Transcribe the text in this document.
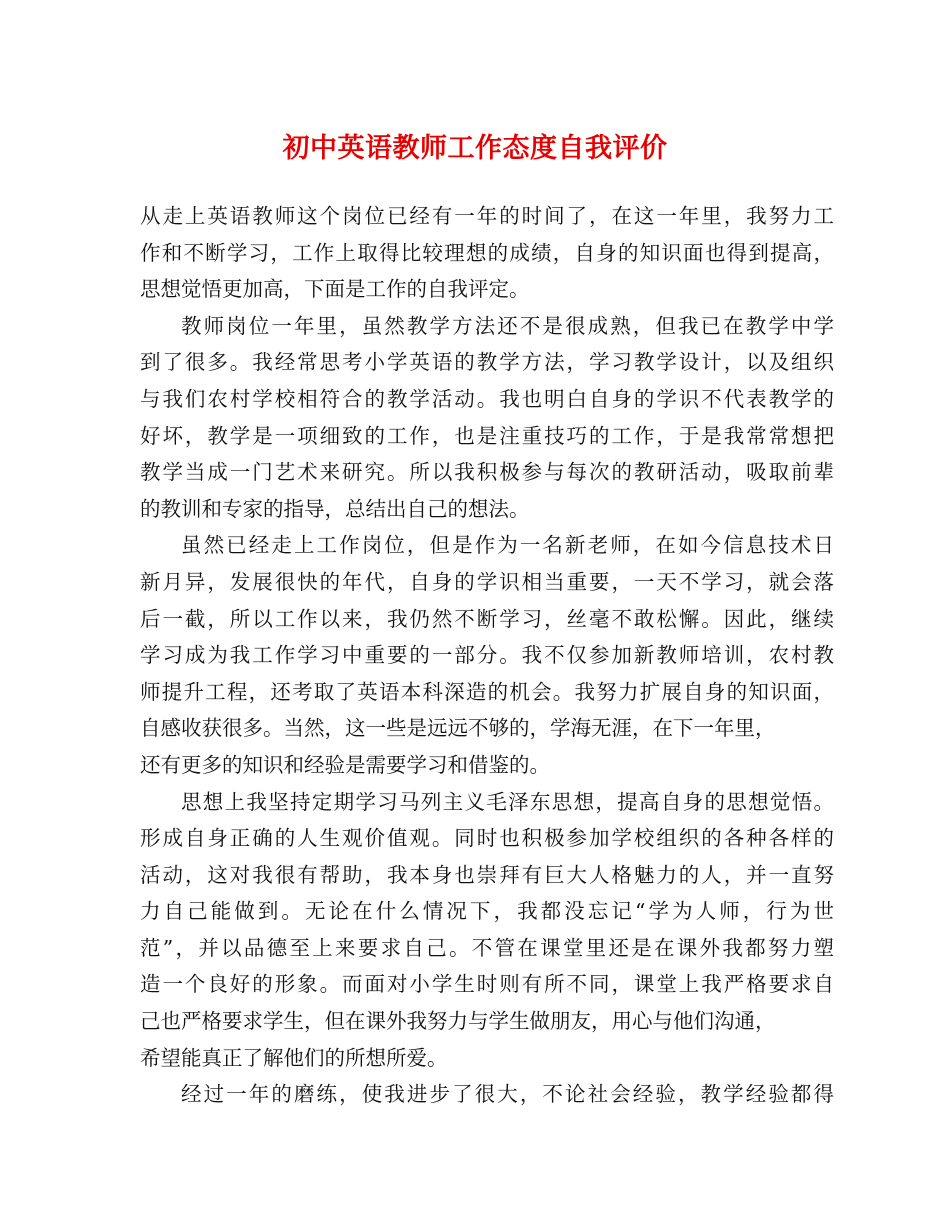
初中英语教师工作态度自我评价
从走上英语教师这个岗位已经有一年的时间了，在这一年里，我努力工
作和不断学习，工作上取得比较理想的成绩，自身的知识面也得到提高，
思想觉悟更加高，下面是工作的自我评定。
教师岗位一年里，虽然教学方法还不是很成熟，但我已在教学中学
到了很多。我经常思考小学英语的教学方法，学习教学设计，以及组织
与我们农村学校相符合的教学活动。我也明白自身的学识不代表教学的
好坏，教学是一项细致的工作，也是注重技巧的工作，于是我常常想把
教学当成一门艺术来研究。所以我积极参与每次的教研活动，吸取前辈
的教训和专家的指导，总结出自己的想法。
虽然已经走上工作岗位，但是作为一名新老师，在如今信息技术日
新月异，发展很快的年代，自身的学识相当重要，一天不学习，就会落
后一截，所以工作以来，我仍然不断学习，丝毫不敢松懈。因此，继续
学习成为我工作学习中重要的一部分。我不仅参加新教师培训，农村教
师提升工程，还考取了英语本科深造的机会。我努力扩展自身的知识面，
自感收获很多。当然，这一些是远远不够的，学海无涯，在下一年里，
还有更多的知识和经验是需要学习和借鉴的。
思想上我坚持定期学习马列主义毛泽东思想，提高自身的思想觉悟。
形成自身正确的人生观价值观。同时也积极参加学校组织的各种各样的
活动，这对我很有帮助，我本身也崇拜有巨大人格魅力的人，并一直努
力自己能做到。无论在什么情况下，我都没忘记“学为人师，行为世
范”，并以品德至上来要求自己。不管在课堂里还是在课外我都努力塑
造一个良好的形象。而面对小学生时则有所不同，课堂上我严格要求自
己也严格要求学生，但在课外我努力与学生做朋友，用心与他们沟通，
希望能真正了解他们的所想所爱。
经过一年的磨练，使我进步了很大，不论社会经验，教学经验都得
